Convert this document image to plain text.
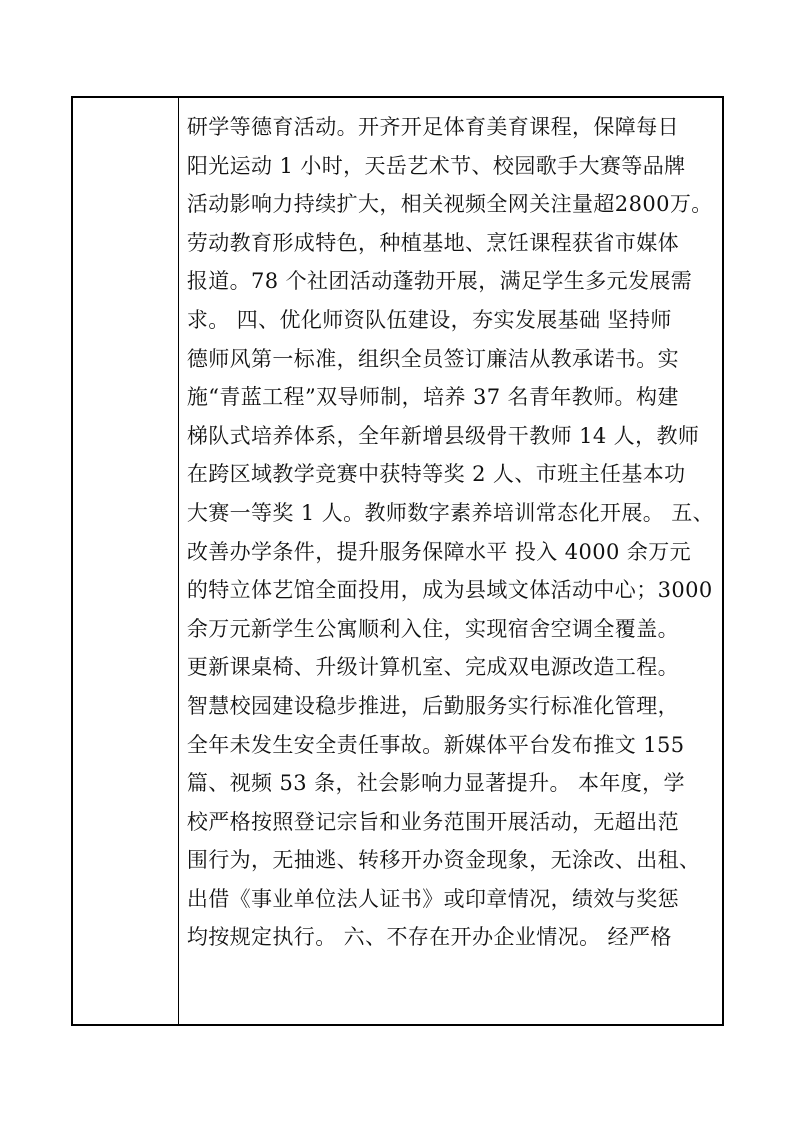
研学等德育活动。开齐开足体育美育课程，保障每日
阳光运动 1 小时，天岳艺术节、校园歌手大赛等品牌
活动影响力持续扩大，相关视频全网关注量超2800万。
劳动教育形成特色，种植基地、烹饪课程获省市媒体
报道。78 个社团活动蓬勃开展，满足学生多元发展需
求。 四、优化师资队伍建设，夯实发展基础 坚持师
德师风第一标准，组织全员签订廉洁从教承诺书。实
施“青蓝工程”双导师制，培养 37 名青年教师。构建
梯队式培养体系，全年新增县级骨干教师 14 人，教师
在跨区域教学竞赛中获特等奖 2 人、市班主任基本功
大赛一等奖 1 人。教师数字素养培训常态化开展。 五、
改善办学条件，提升服务保障水平 投入 4000 余万元
的特立体艺馆全面投用，成为县域文体活动中心；3000
余万元新学生公寓顺利入住，实现宿舍空调全覆盖。
更新课桌椅、升级计算机室、完成双电源改造工程。
智慧校园建设稳步推进，后勤服务实行标准化管理，
全年未发生安全责任事故。新媒体平台发布推文 155
篇、视频 53 条，社会影响力显著提升。 本年度，学
校严格按照登记宗旨和业务范围开展活动，无超出范
围行为，无抽逃、转移开办资金现象，无涂改、出租、
出借《事业单位法人证书》或印章情况，绩效与奖惩
均按规定执行。 六、不存在开办企业情况。 经严格
